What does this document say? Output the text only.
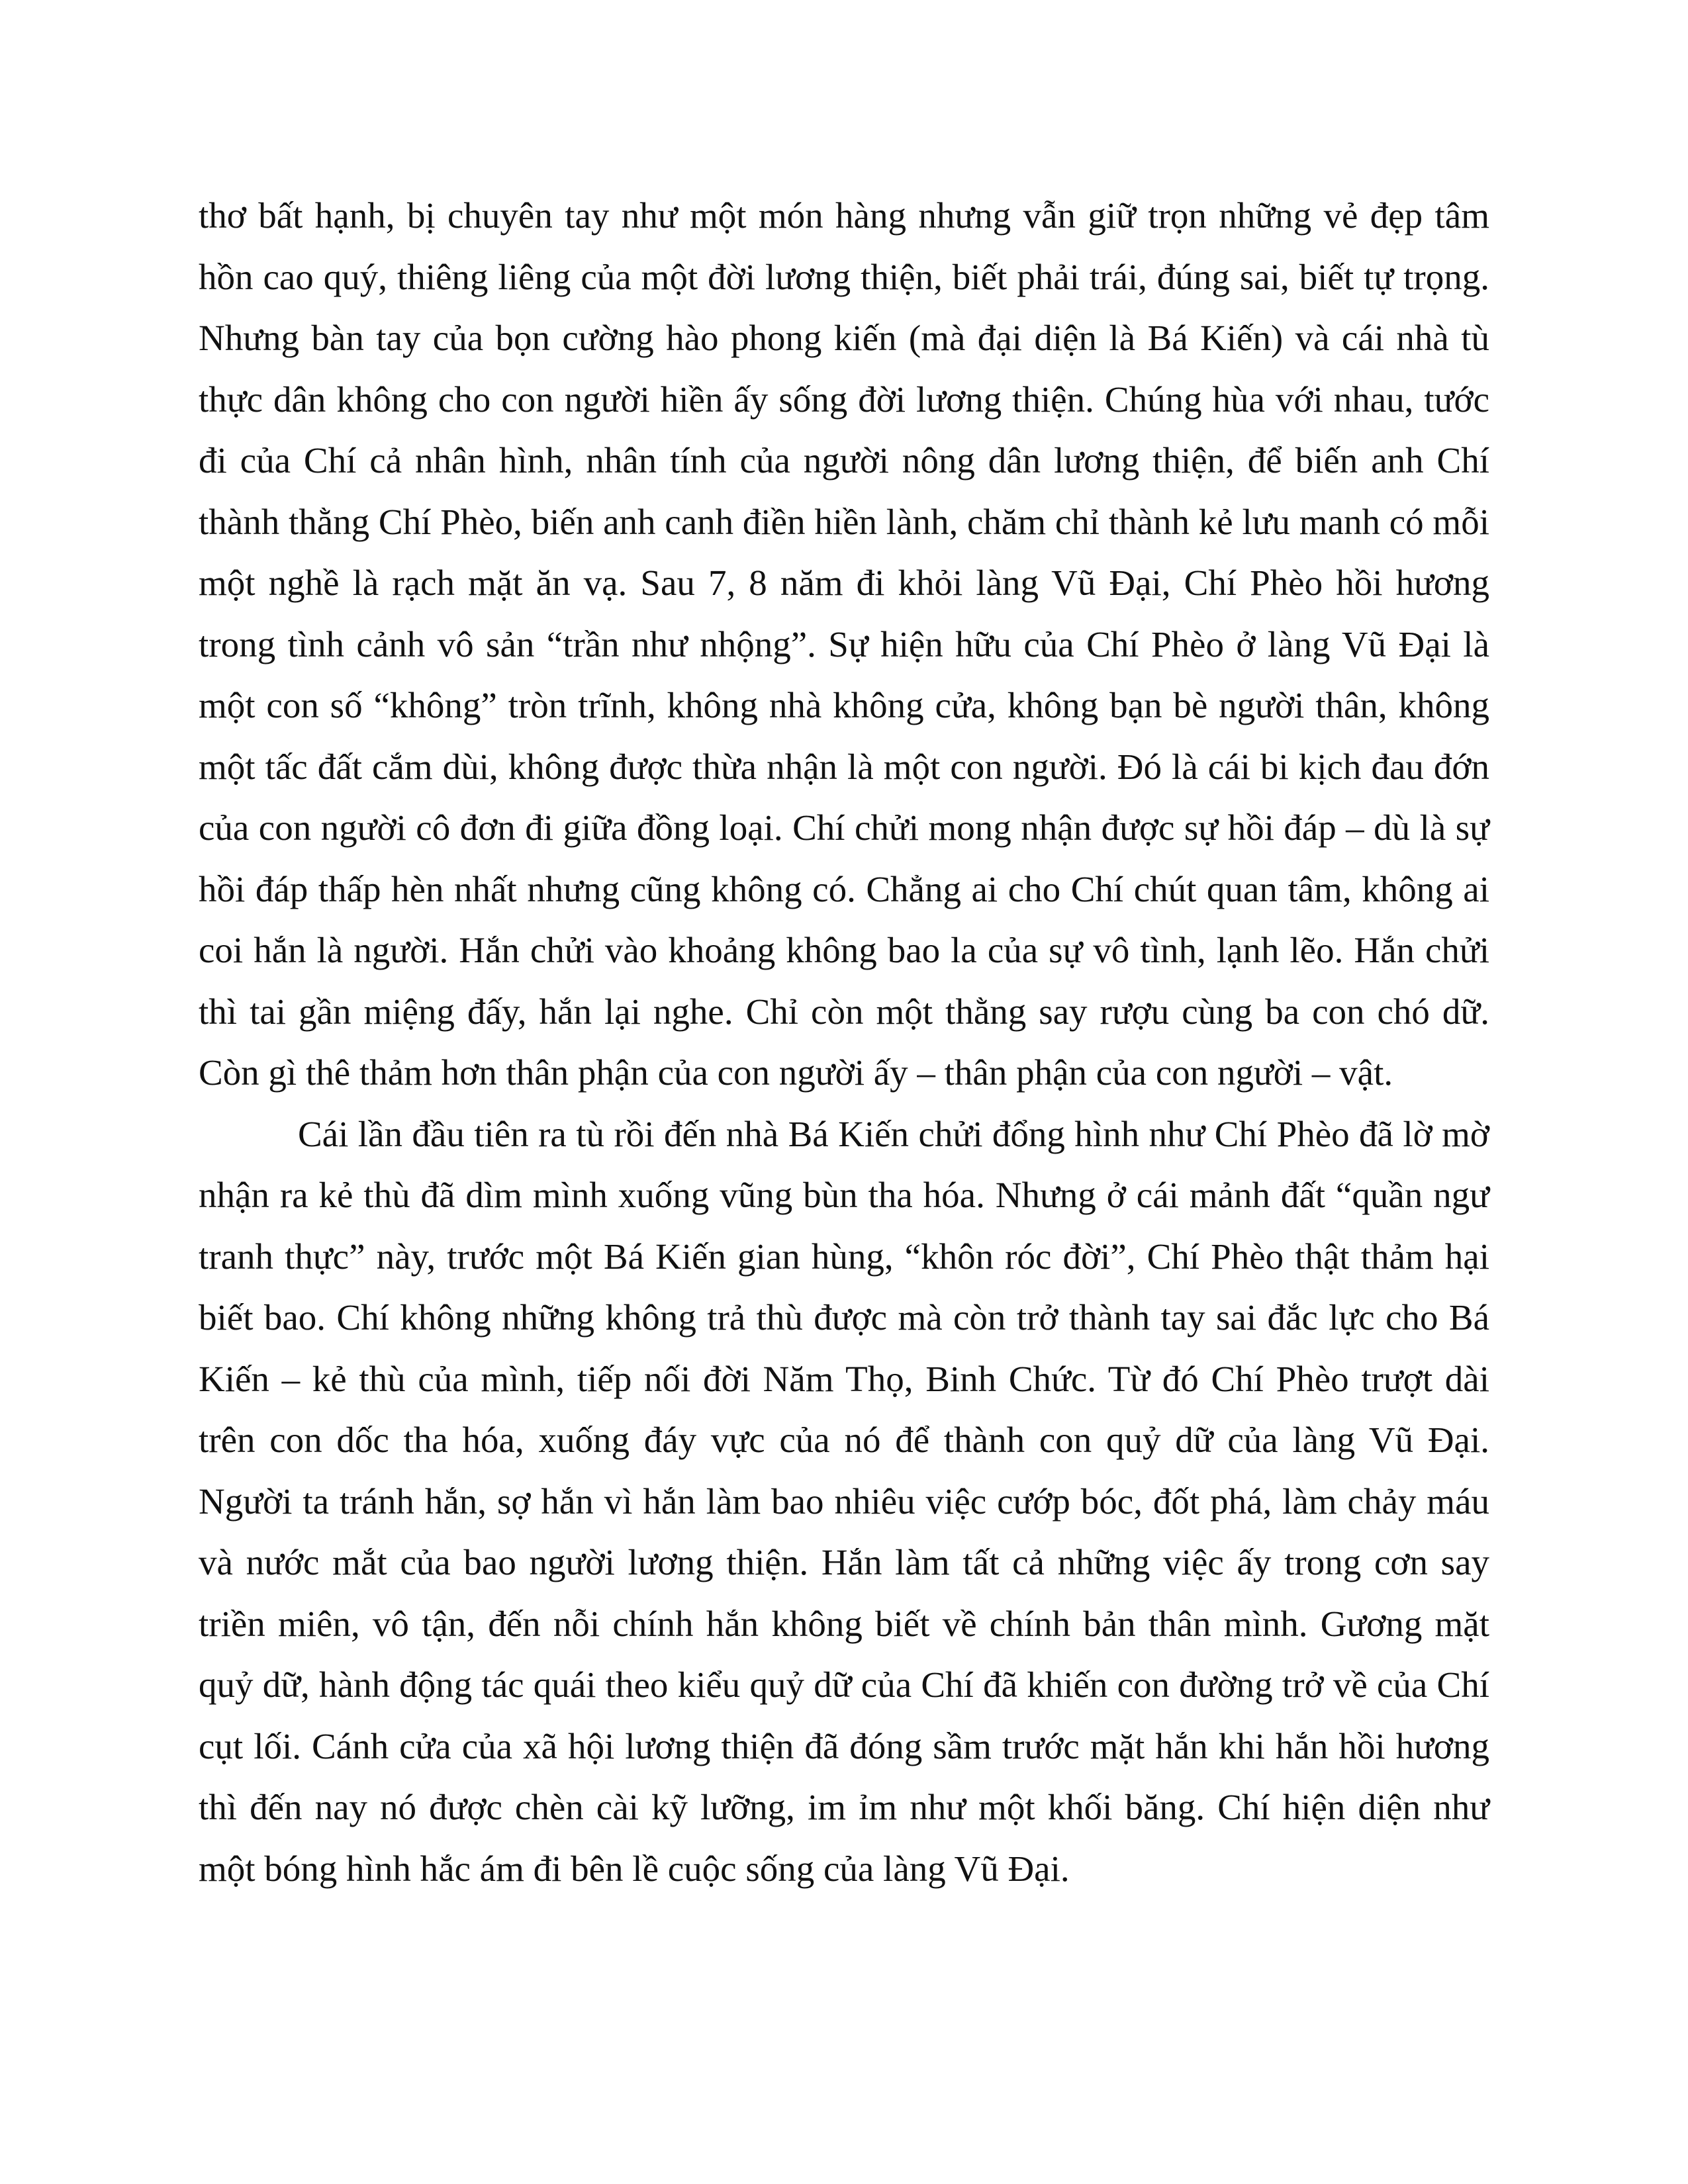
thơ bất hạnh, bị chuyên tay như một món hàng nhưng vẫn giữ trọn những vẻ đẹp tâm hồn cao quý, thiêng liêng của một đời lương thiện, biết phải trái, đúng sai, biết tự trọng. Nhưng bàn tay của bọn cường hào phong kiến (mà đại diện là Bá Kiến) và cái nhà tù thực dân không cho con người hiền ấy sống đời lương thiện. Chúng hùa với nhau, tước đi của Chí cả nhân hình, nhân tính của người nông dân lương thiện, để biến anh Chí thành thằng Chí Phèo, biến anh canh điền hiền lành, chăm chỉ thành kẻ lưu manh có mỗi một nghề là rạch mặt ăn vạ. Sau 7, 8 năm đi khỏi làng Vũ Đại, Chí Phèo hồi hương trong tình cảnh vô sản “trần như nhộng”. Sự hiện hữu của Chí Phèo ở làng Vũ Đại là một con số “không” tròn trĩnh, không nhà không cửa, không bạn bè người thân, không một tấc đất cắm dùi, không được thừa nhận là một con người. Đó là cái bi kịch đau đớn của con người cô đơn đi giữa đồng loại. Chí chửi mong nhận được sự hồi đáp – dù là sự hồi đáp thấp hèn nhất nhưng cũng không có. Chẳng ai cho Chí chút quan tâm, không ai coi hắn là người. Hắn chửi vào khoảng không bao la của sự vô tình, lạnh lẽo. Hắn chửi thì tai gần miệng đấy, hắn lại nghe. Chỉ còn một thằng say rượu cùng ba con chó dữ. Còn gì thê thảm hơn thân phận của con người ấy – thân phận của con người – vật.

Cái lần đầu tiên ra tù rồi đến nhà Bá Kiến chửi đổng hình như Chí Phèo đã lờ mờ nhận ra kẻ thù đã dìm mình xuống vũng bùn tha hóa. Nhưng ở cái mảnh đất “quần ngư tranh thực” này, trước một Bá Kiến gian hùng, “khôn róc đời”, Chí Phèo thật thảm hại biết bao. Chí không những không trả thù được mà còn trở thành tay sai đắc lực cho Bá Kiến – kẻ thù của mình, tiếp nối đời Năm Thọ, Binh Chức. Từ đó Chí Phèo trượt dài trên con dốc tha hóa, xuống đáy vực của nó để thành con quỷ dữ của làng Vũ Đại. Người ta tránh hắn, sợ hắn vì hắn làm bao nhiêu việc cướp bóc, đốt phá, làm chảy máu và nước mắt của bao người lương thiện. Hắn làm tất cả những việc ấy trong cơn say triền miên, vô tận, đến nỗi chính hắn không biết về chính bản thân mình. Gương mặt quỷ dữ, hành động tác quái theo kiểu quỷ dữ của Chí đã khiến con đường trở về của Chí cụt lối. Cánh cửa của xã hội lương thiện đã đóng sầm trước mặt hắn khi hắn hồi hương thì đến nay nó được chèn cài kỹ lưỡng, im ỉm như một khối băng. Chí hiện diện như một bóng hình hắc ám đi bên lề cuộc sống của làng Vũ Đại.
